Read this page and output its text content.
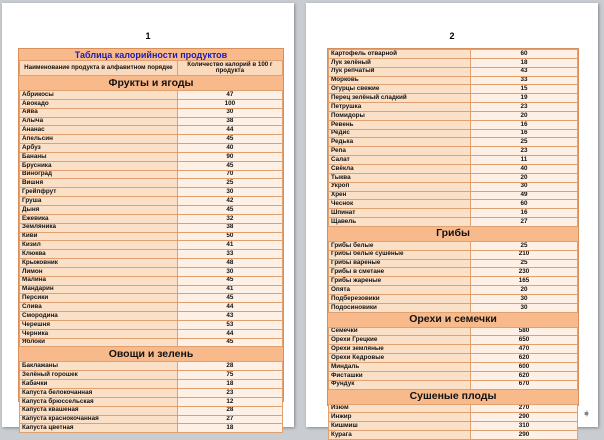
1
Таблица калорийности продуктов	
Наименование продукта в алфавитном порядке	Количество калорий в 100 г продукта
Фрукты и ягоды	
Абрикосы	47
Авокадо	100
Айва	30
Алыча	38
Ананас	44
Апельсин	45
Арбуз	40
Бананы	90
Брусника	45
Виноград	70
Вишня	25
Грейпфрут	30
Груша	42
Дыня	45
Ежевика	32
Земляника	38
Киви	50
Кизил	41
Клюква	33
Крыжовник	48
Лимон	30
Малина	45
Мандарин	41
Персики	45
Слива	44
Смородина	43
Черешня	53
Черника	44
Яблоки	45
Овощи и зелень	
Баклажаны	28
Зелёный горошек	75
Кабачки	18
Капуста белокочанная	23
Капуста брюссельская	12
Капуста квашеная	28
Капуста краснокочанная	27
Капуста цветная	18
2
Картофель отварной	60
Лук зелёный	18
Лук репчатый	43
Морковь	33
Огурцы свежие	15
Перец зелёный сладкий	19
Петрушка	23
Помидоры	20
Ревень	16
Редис	16
Редька	25
Репа	23
Салат	11
Свёкла	40
Тыква	20
Укроп	30
Хрен	49
Чеснок	60
Шпинат	16
Щавель	27
Грибы	
Грибы белые	25
Грибы белые сушёные	210
Грибы вареные	25
Грибы в сметане	230
Грибы жареные	165
Опята	20
Подберезовики	30
Подосиновики	30
Орехи и семечки	
Семечки	580
Орехи Грецкие	650
Орехи земляные	470
Орехи Кедровые	620
Миндаль	600
Фисташки	620
Фундук	670
Сушеные плоды	
Изюм	270
Инжир	290
Кишмиш	310
Курага	290
➧
